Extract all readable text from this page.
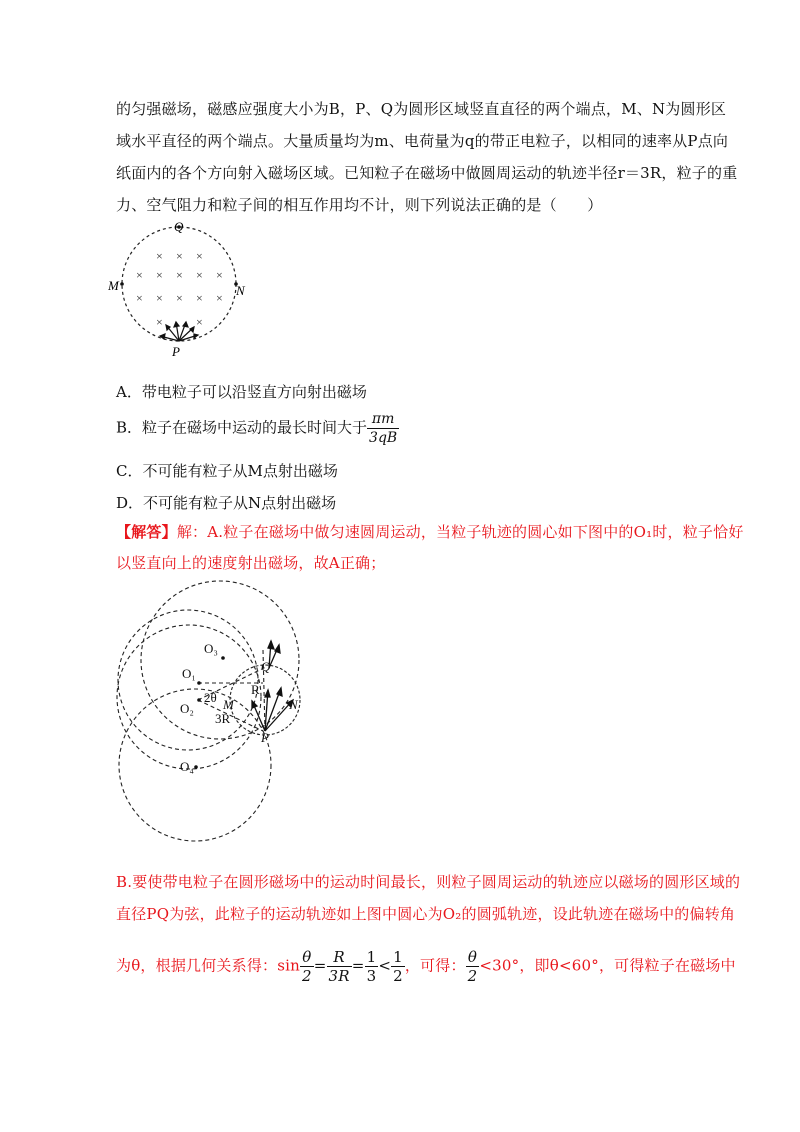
的匀强磁场，磁感应强度大小为B，P、Q为圆形区域竖直直径的两个端点，M、N为圆形区
域水平直径的两个端点。大量质量均为m、电荷量为q的带正电粒子，以相同的速率从P点向
纸面内的各个方向射入磁场区域。已知粒子在磁场中做圆周运动的轨迹半径r＝3R，粒子的重
力、空气阻力和粒子间的相互作用均不计，则下列说法正确的是（　　）
× × ×
× × × × ×
× × × × ×
×	×
Q
M	N
P
A．带电粒子可以沿竖直方向射出磁场
B．粒子在磁场中运动的最长时间大于 $\frac{\pi m}{3qB}$
C．不可能有粒子从M点射出磁场
D．不可能有粒子从N点射出磁场
【解答】解：A.粒子在磁场中做匀速圆周运动，当粒子轨迹的圆心如下图中的O₁时，粒子恰好
以竖直向上的速度射出磁场，故A正确；
O₃
O₁
O₂
O₄
Q
N
M
P
R
2θ
3R
B.要使带电粒子在圆形磁场中的运动时间最长，则粒子圆周运动的轨迹应以磁场的圆形区域的
直径PQ为弦，此粒子的运动轨迹如上图中圆心为O₂的圆弧轨迹，设此轨迹在磁场中的偏转角
为θ，根据几何关系得：$\sin \frac{\theta}{2} = \frac{R}{3R} = \frac{1}{3} < \frac{1}{2}$ ，可得： $\frac{\theta}{2} <30^\circ$，即θ<60°，可得粒子在磁场中
